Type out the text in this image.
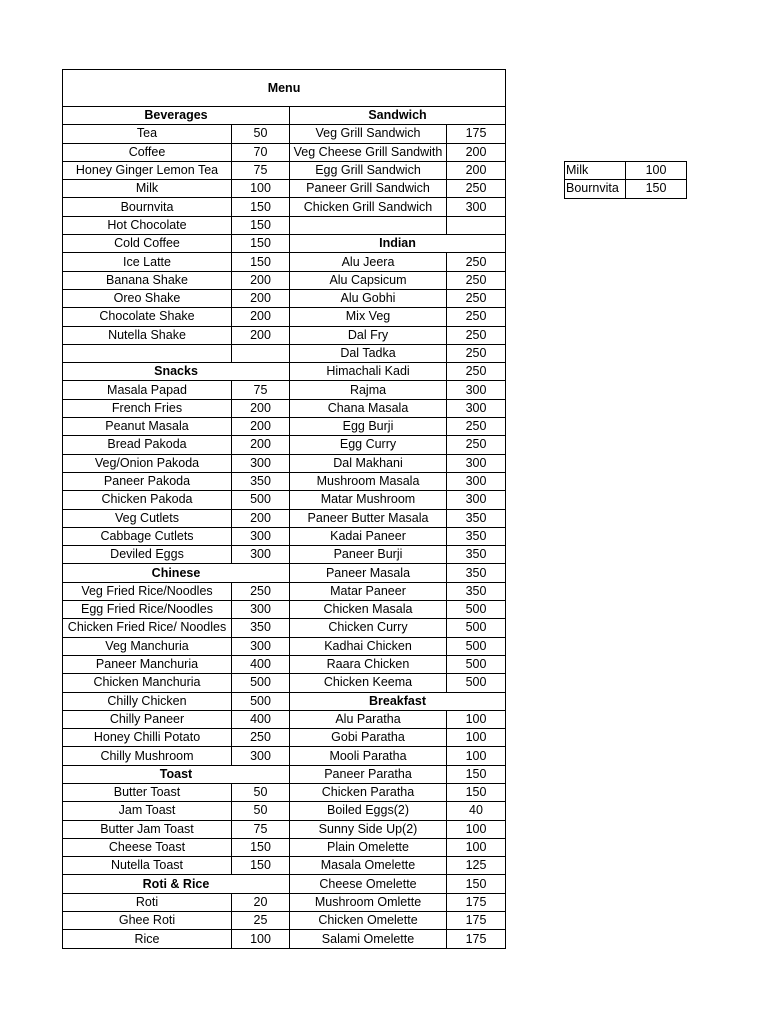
Menu			
Beverages		Sandwich	
Tea	50	Veg Grill Sandwich	175
Coffee	70	Veg Cheese Grill Sandwith	200
Honey Ginger Lemon Tea	75	Egg Grill Sandwich	200
Milk	100	Paneer Grill Sandwich	250
Bournvita	150	Chicken Grill Sandwich	300
Hot Chocolate	150		
Cold Coffee	150	Indian	
Ice Latte	150	Alu Jeera	250
Banana Shake	200	Alu Capsicum	250
Oreo Shake	200	Alu Gobhi	250
Chocolate Shake	200	Mix Veg	250
Nutella Shake	200	Dal Fry	250
		Dal Tadka	250
Snacks		Himachali Kadi	250
Masala Papad	75	Rajma	300
French Fries	200	Chana Masala	300
Peanut Masala	200	Egg Burji	250
Bread Pakoda	200	Egg Curry	250
Veg/Onion Pakoda	300	Dal Makhani	300
Paneer Pakoda	350	Mushroom Masala	300
Chicken Pakoda	500	Matar Mushroom	300
Veg Cutlets	200	Paneer Butter Masala	350
Cabbage Cutlets	300	Kadai Paneer	350
Deviled Eggs	300	Paneer Burji	350
Chinese		Paneer Masala	350
Veg Fried Rice/Noodles	250	Matar Paneer	350
Egg Fried Rice/Noodles	300	Chicken Masala	500
Chicken Fried Rice/ Noodles	350	Chicken Curry	500
Veg Manchuria	300	Kadhai Chicken	500
Paneer Manchuria	400	Raara Chicken	500
Chicken Manchuria	500	Chicken Keema	500
Chilly Chicken	500	Breakfast	
Chilly Paneer	400	Alu Paratha	100
Honey Chilli Potato	250	Gobi Paratha	100
Chilly Mushroom	300	Mooli Paratha	100
Toast		Paneer Paratha	150
Butter Toast	50	Chicken Paratha	150
Jam Toast	50	Boiled Eggs(2)	40
Butter Jam Toast	75	Sunny Side Up(2)	100
Cheese Toast	150	Plain Omelette	100
Nutella Toast	150	Masala Omelette	125
Roti & Rice		Cheese Omelette	150
Roti	20	Mushroom Omlette	175
Ghee Roti	25	Chicken Omelette	175
Rice	100	Salami Omelette	175
Milk	100
Bournvita	150
